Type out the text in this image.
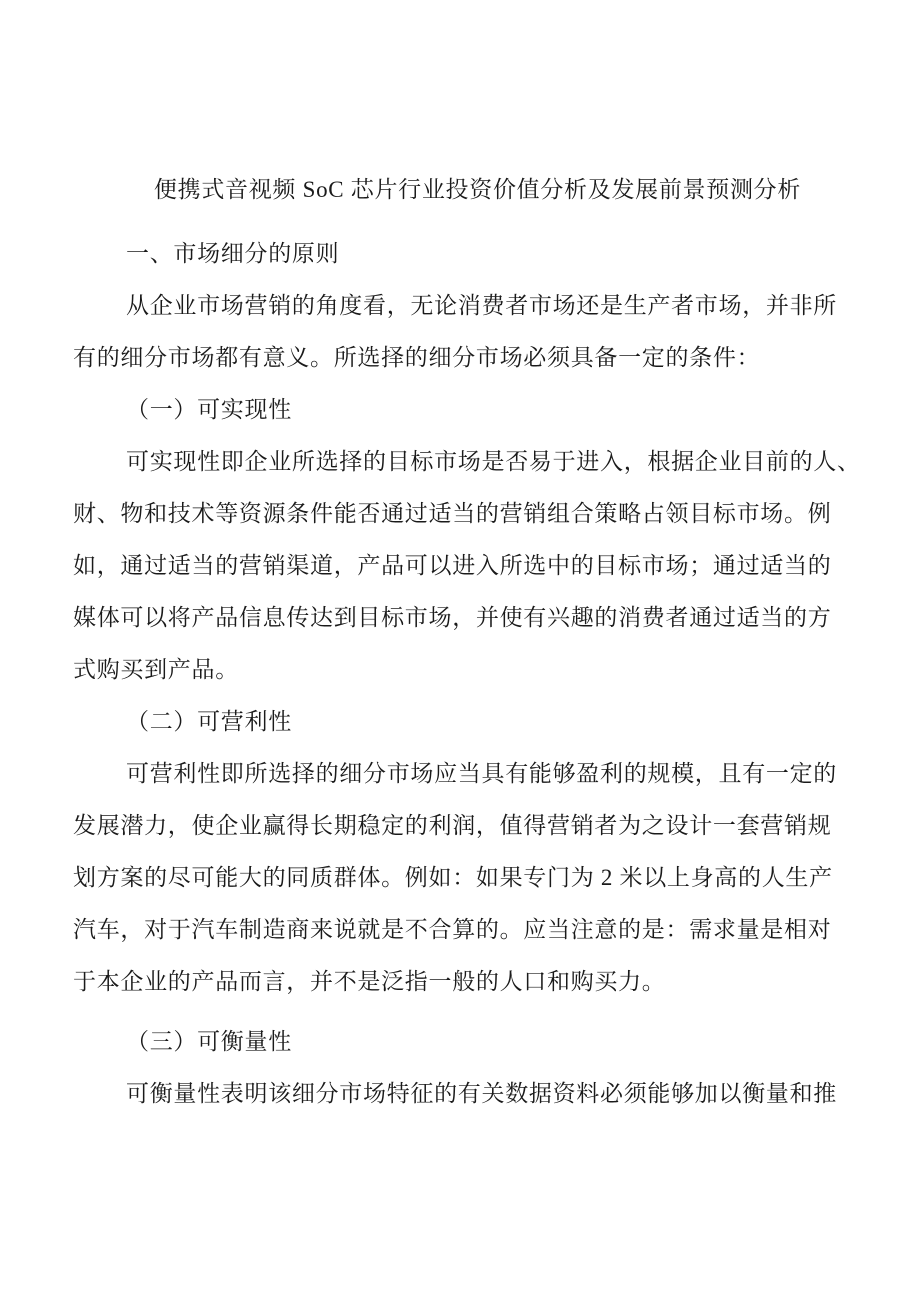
便携式音视频 SoC 芯片行业投资价值分析及发展前景预测分析
一、市场细分的原则
从企业市场营销的角度看，无论消费者市场还是生产者市场，并非所
有的细分市场都有意义。所选择的细分市场必须具备一定的条件：
（一）可实现性
可实现性即企业所选择的目标市场是否易于进入，根据企业目前的人、
财、物和技术等资源条件能否通过适当的营销组合策略占领目标市场。例
如，通过适当的营销渠道，产品可以进入所选中的目标市场；通过适当的
媒体可以将产品信息传达到目标市场，并使有兴趣的消费者通过适当的方
式购买到产品。
（二）可营利性
可营利性即所选择的细分市场应当具有能够盈利的规模，且有一定的
发展潜力，使企业赢得长期稳定的利润，值得营销者为之设计一套营销规
划方案的尽可能大的同质群体。例如：如果专门为 2 米以上身高的人生产
汽车，对于汽车制造商来说就是不合算的。应当注意的是：需求量是相对
于本企业的产品而言，并不是泛指一般的人口和购买力。
（三）可衡量性
可衡量性表明该细分市场特征的有关数据资料必须能够加以衡量和推
